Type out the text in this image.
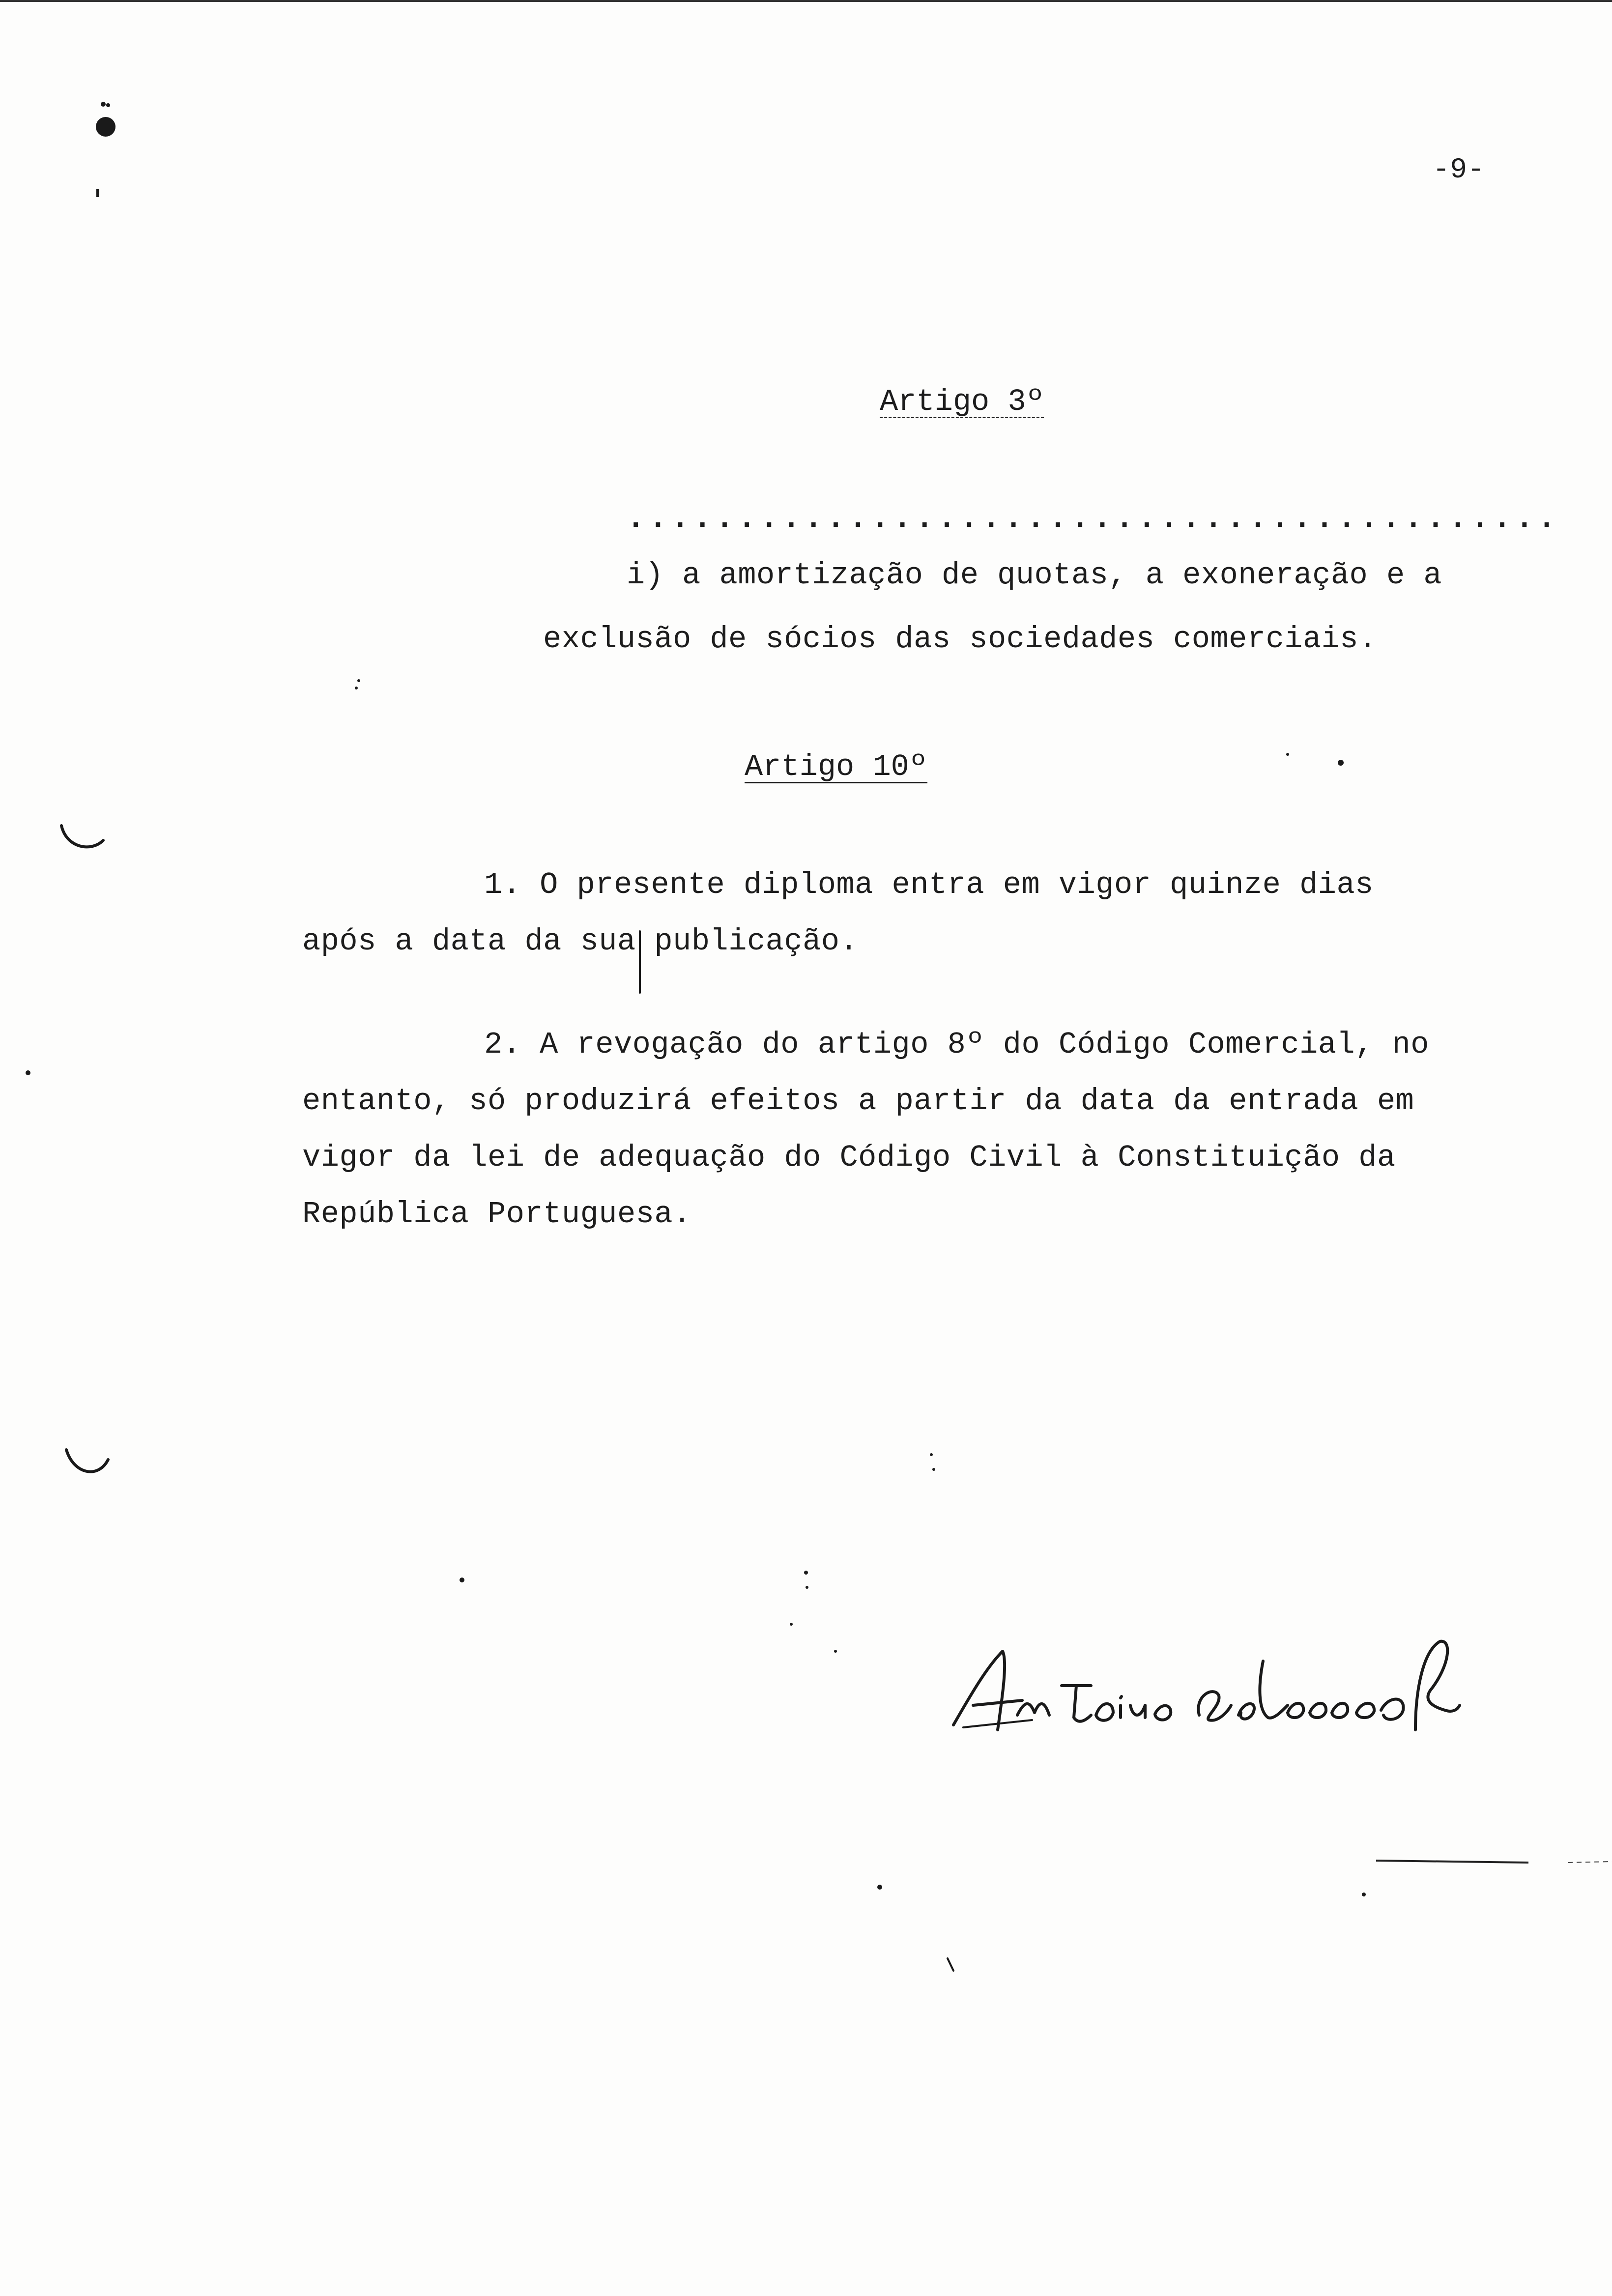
-9-
Artigo 3º
..........................................
i) a amortização de quotas, a exoneração e a
exclusão de sócios das sociedades comerciais.
Artigo 10º
1. O presente diploma entra em vigor quinze dias
após a data da sua publicação.
2. A revogação do artigo 8º do Código Comercial, no
entanto, só produzirá efeitos a partir da data da entrada em
vigor da lei de adequação do Código Civil à Constituição da
República Portuguesa.
